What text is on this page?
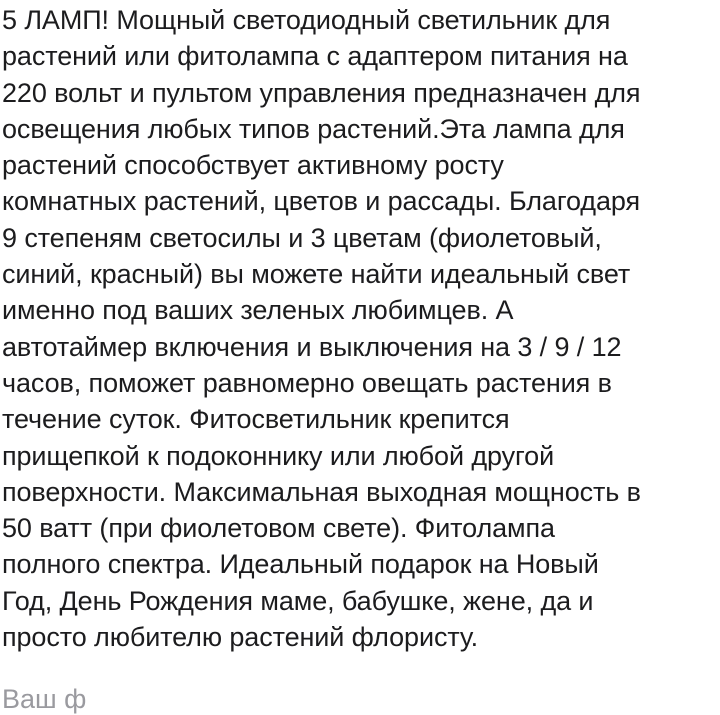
5 ЛАМП! Мощный светодиодный светильник для
растений или фитолампа с адаптером питания на
220 вольт и пультом управления предназначен для
освещения любых типов растений.Эта лампа для
растений способствует активному росту
комнатных растений, цветов и рассады. Благодаря
9 степеням светосилы и 3 цветам (фиолетовый,
синий, красный) вы можете найти идеальный свет
именно под ваших зеленых любимцев. А
автотаймер включения и выключения на 3 / 9 / 12
часов, поможет равномерно овещать растения в
течение суток. Фитосветильник крепится
прищепкой к подоконнику или любой другой
поверхности. Максимальная выходная мощность в
50 ватт (при фиолетовом свете). Фитолампа
полного спектра. Идеальный подарок на Новый
Год, День Рождения маме, бабушке, жене, да и
просто любителю растений флористу.
Ваш ф
